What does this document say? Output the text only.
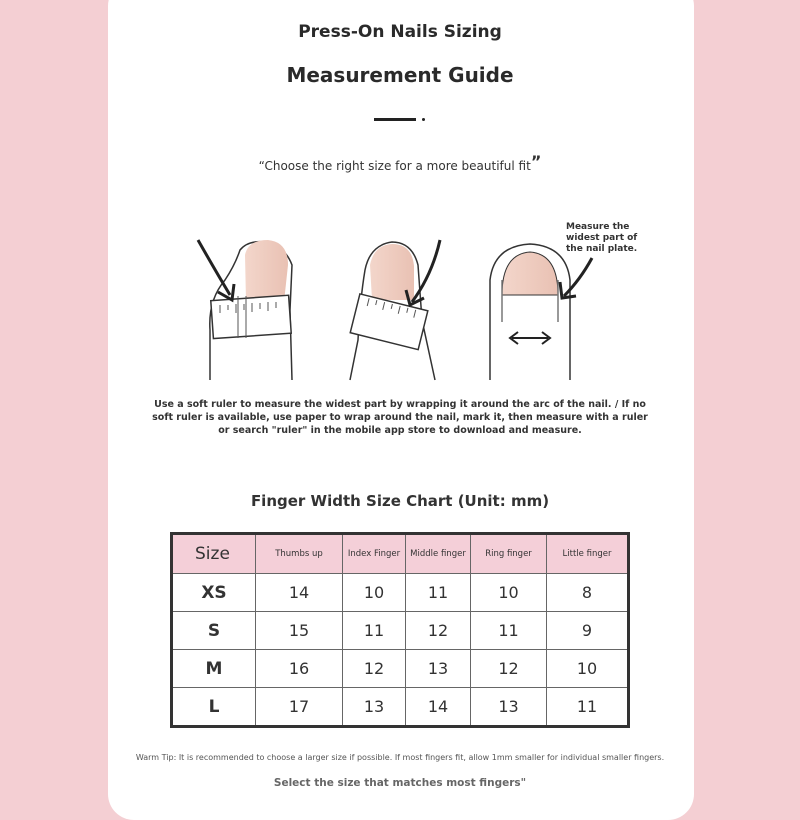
Press-On Nails Sizing
Measurement Guide
“Choose the right size for a more beautiful fit”
Measure the widest part of the nail plate.
Use a soft ruler to measure the widest part by wrapping it around the arc of the nail. / If no soft ruler is available, use paper to wrap around the nail, mark it, then measure with a ruler or search "ruler" in the mobile app store to download and measure.
Finger Width Size Chart (Unit: mm)
Size	Thumbs up	Index Finger	Middle finger	Ring finger	Little finger
XS	14	10	11	10	8
S	15	11	12	11	9
M	16	12	13	12	10
L	17	13	14	13	11
Warm Tip: It is recommended to choose a larger size if possible. If most fingers fit, allow 1mm smaller for individual smaller fingers.
Select the size that matches most fingers"
